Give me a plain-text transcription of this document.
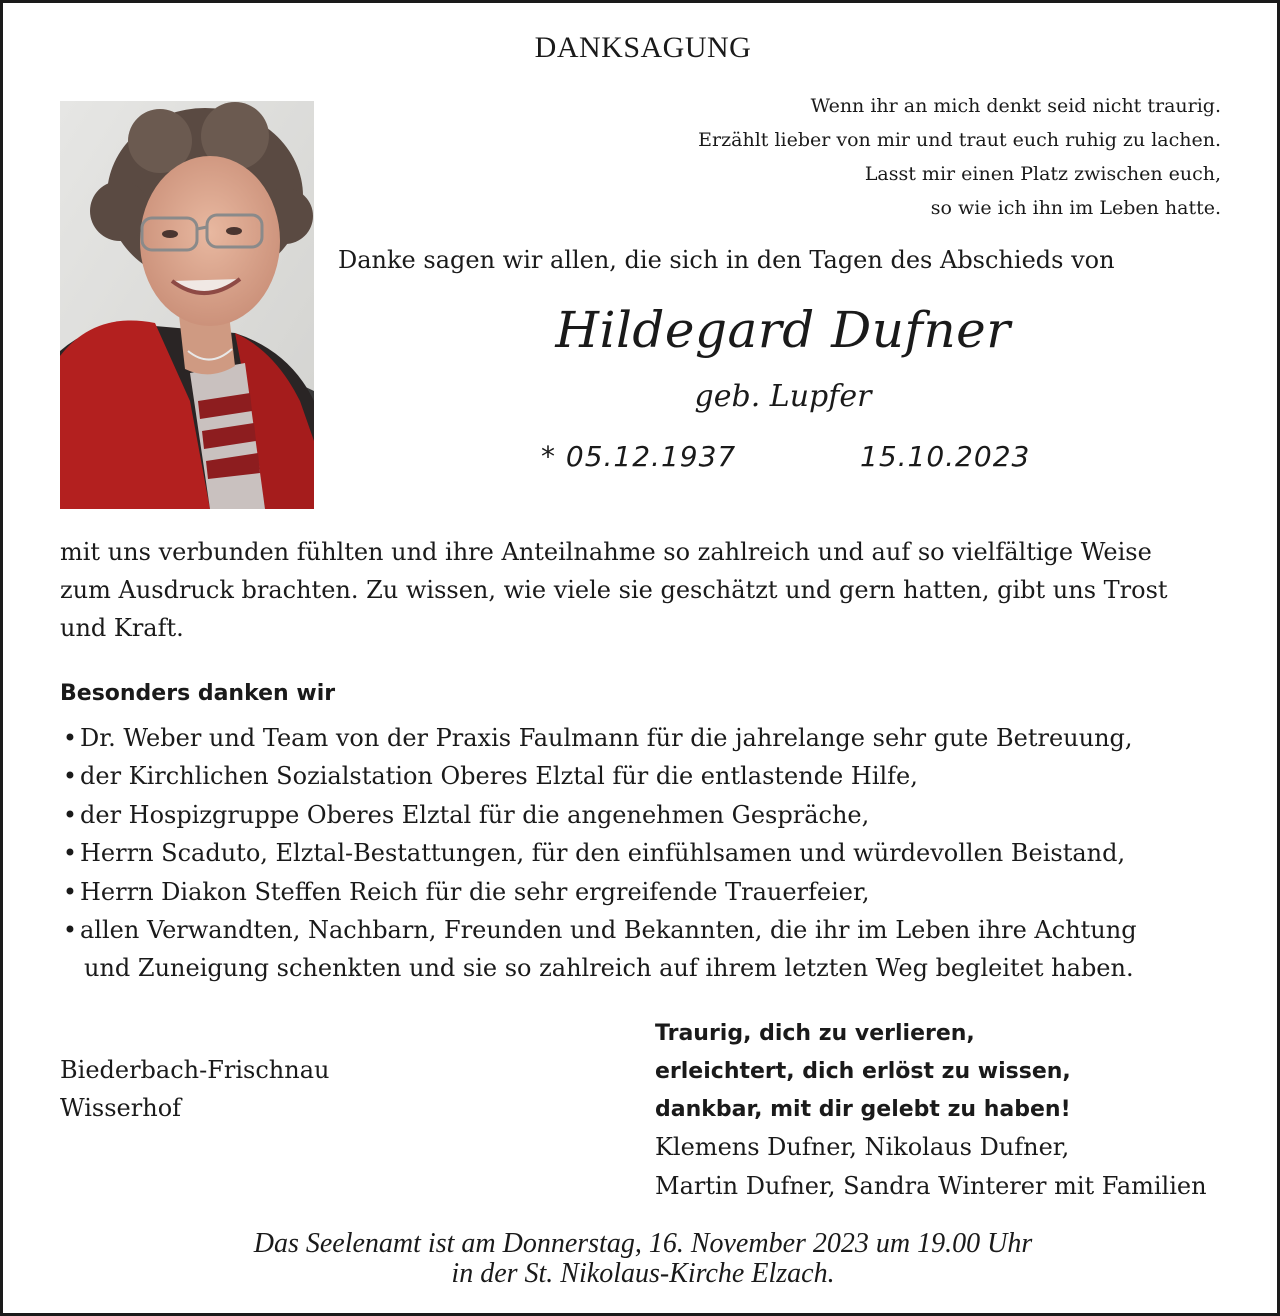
DANKSAGUNG
Wenn ihr an mich denkt seid nicht traurig.
Erzählt lieber von mir und traut euch ruhig zu lachen.
Lasst mir einen Platz zwischen euch,
so wie ich ihn im Leben hatte.
Danke sagen wir allen, die sich in den Tagen des Abschieds von
Hildegard Dufner
geb. Lupfer
* 05.12.1937	15.10.2023
mit uns verbunden fühlten und ihre Anteilnahme so zahlreich und auf so vielfältige Weise
zum Ausdruck brachten. Zu wissen, wie viele sie geschätzt und gern hatten, gibt uns Trost
und Kraft.
Besonders danken wir
• Dr. Weber und Team von der Praxis Faulmann für die jahrelange sehr gute Betreuung,
• der Kirchlichen Sozialstation Oberes Elztal für die entlastende Hilfe,
• der Hospizgruppe Oberes Elztal für die angenehmen Gespräche,
• Herrn Scaduto, Elztal-Bestattungen, für den einfühlsamen und würdevollen Beistand,
• Herrn Diakon Steffen Reich für die sehr ergreifende Trauerfeier,
• allen Verwandten, Nachbarn, Freunden und Bekannten, die ihr im Leben ihre Achtung
und Zuneigung schenkten und sie so zahlreich auf ihrem letzten Weg begleitet haben.
Biederbach-Frischnau
Wisserhof
Traurig, dich zu verlieren,
erleichtert, dich erlöst zu wissen,
dankbar, mit dir gelebt zu haben!
Klemens Dufner, Nikolaus Dufner,
Martin Dufner, Sandra Winterer mit Familien
Das Seelenamt ist am Donnerstag, 16. November 2023 um 19.00 Uhr
in der St. Nikolaus-Kirche Elzach.
